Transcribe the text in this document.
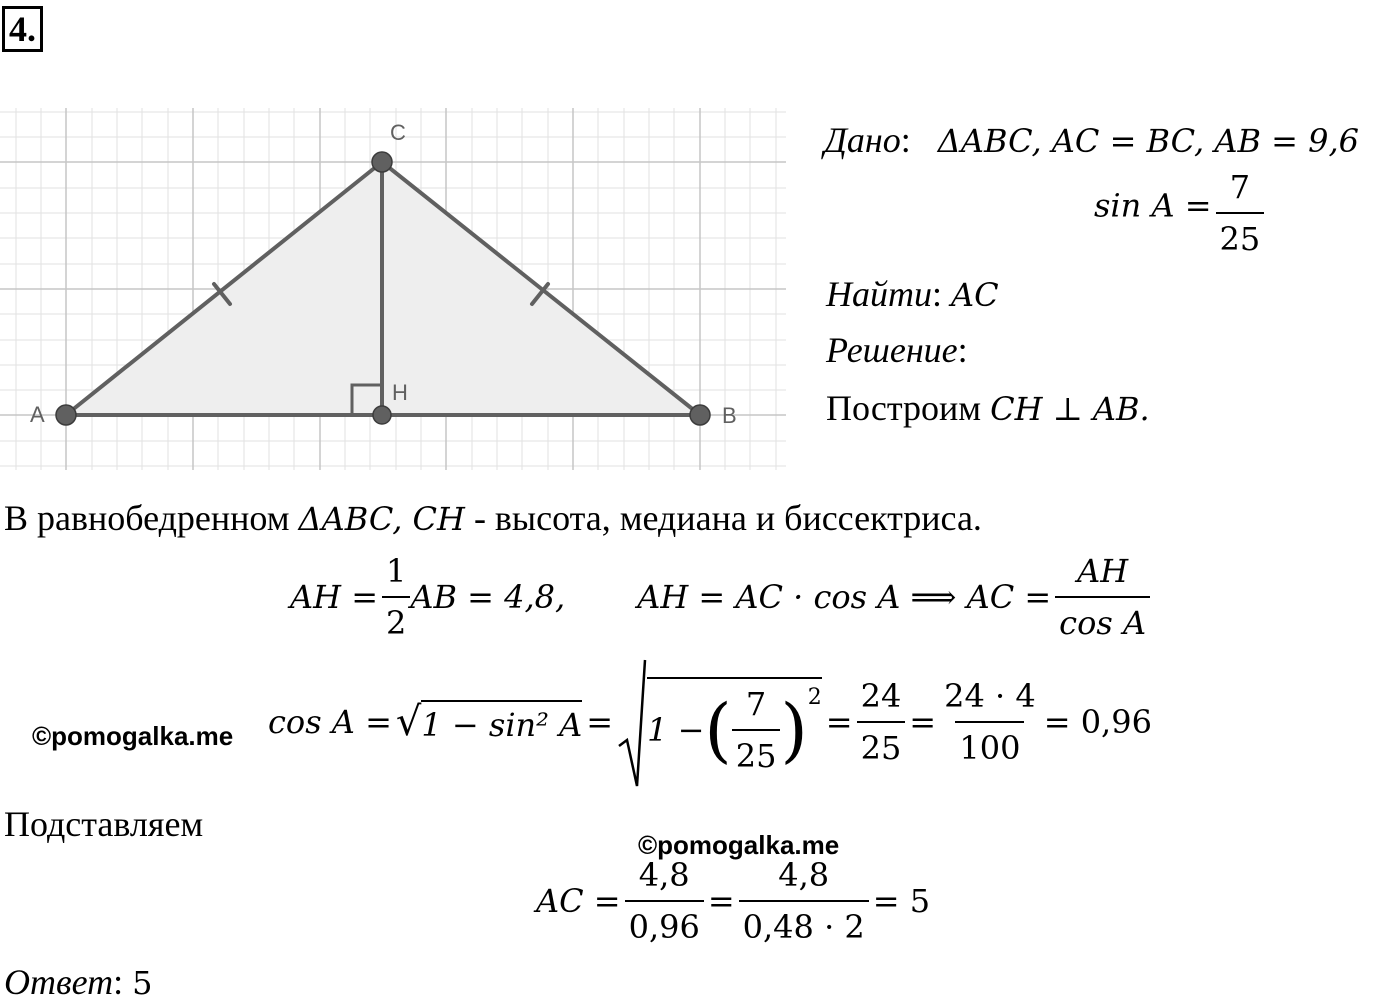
4.
A	B
C
H
Дано:   ΔABC, AC = BC, AB = 9,6
$\sin A = \frac{7}{25}$
Найти: AC
Решение:
Построим CH ⊥ AB.
В равнобедренном ΔABC, CH - высота, медиана и биссектриса.
AH =
$\frac{1}{2}$ AB = 4,8, AH = AC · cos A ⟹ AC =
$\frac{AH}{\text{cos A}}$
cos A =
√ 1 − sin² A
=
1 − ( $\frac{7}{25}$ ) 2

=
$\frac{24}{25}$
=
$\frac{24 \cdot 4}{100}$
= 0,96
©pomogalka.me
Подставляем
©pomogalka.me
AC =
$\frac{4,8}{0,96}$
=
$\frac{4,8}{0,48 \cdot 2}$
= 5
Ответ: 5
